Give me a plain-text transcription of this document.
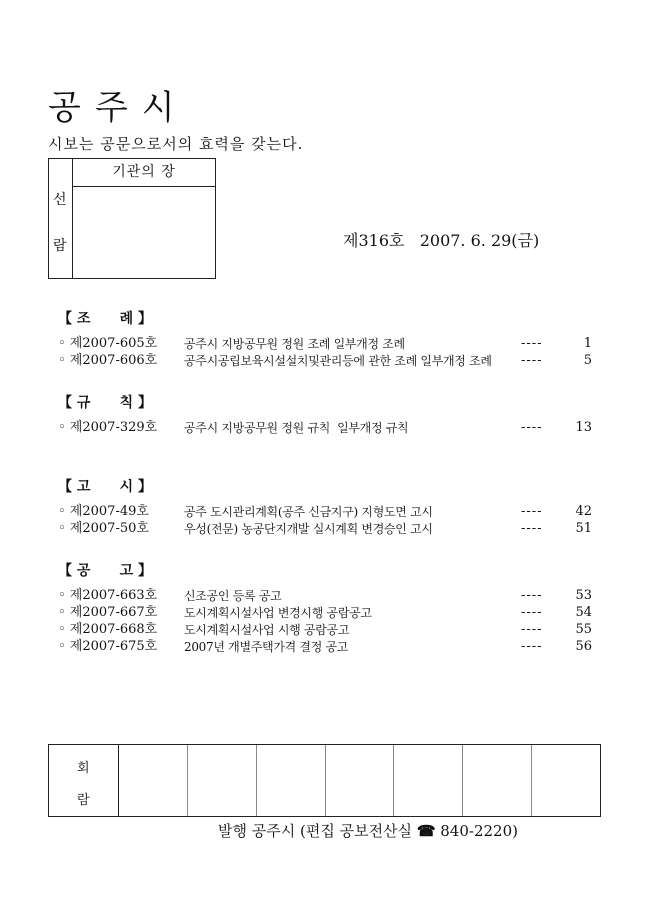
공주시
시보는 공문으로서의 효력을 갖는다.
선
람
기관의 장
제316호   2007. 6. 29(금)
【 조      례 】
◦ 제2007-605호 공주시 지방공무원 정원 조례 일부개정 조례	----	1
◦ 제2007-606호 공주시공립보육시설설치및관리등에 관한 조례 일부개정 조례 ----	5
【 규      칙 】
◦ 제2007-329호 공주시 지방공무원 정원 규칙  일부개정 규칙	----	13
【 고      시 】
◦ 제2007-49호	공주 도시관리계획(공주 신금지구) 지형도면 고시	----	42
◦ 제2007-50호	우성(전문) 농공단지개발 실시계획 변경승인 고시	----	51
【 공      고 】
◦ 제2007-663호 신조공인 등록 공고	----	53
◦ 제2007-667호 도시계획시설사업 변경시행 공람공고	----	54
◦ 제2007-668호 도시계획시설사업 시행 공람공고	----	55
◦ 제2007-675호 2007년 개별주택가격 결정 공고	----	56
회
람
발행 공주시 (편집 공보전산실 ☎ 840-2220)
